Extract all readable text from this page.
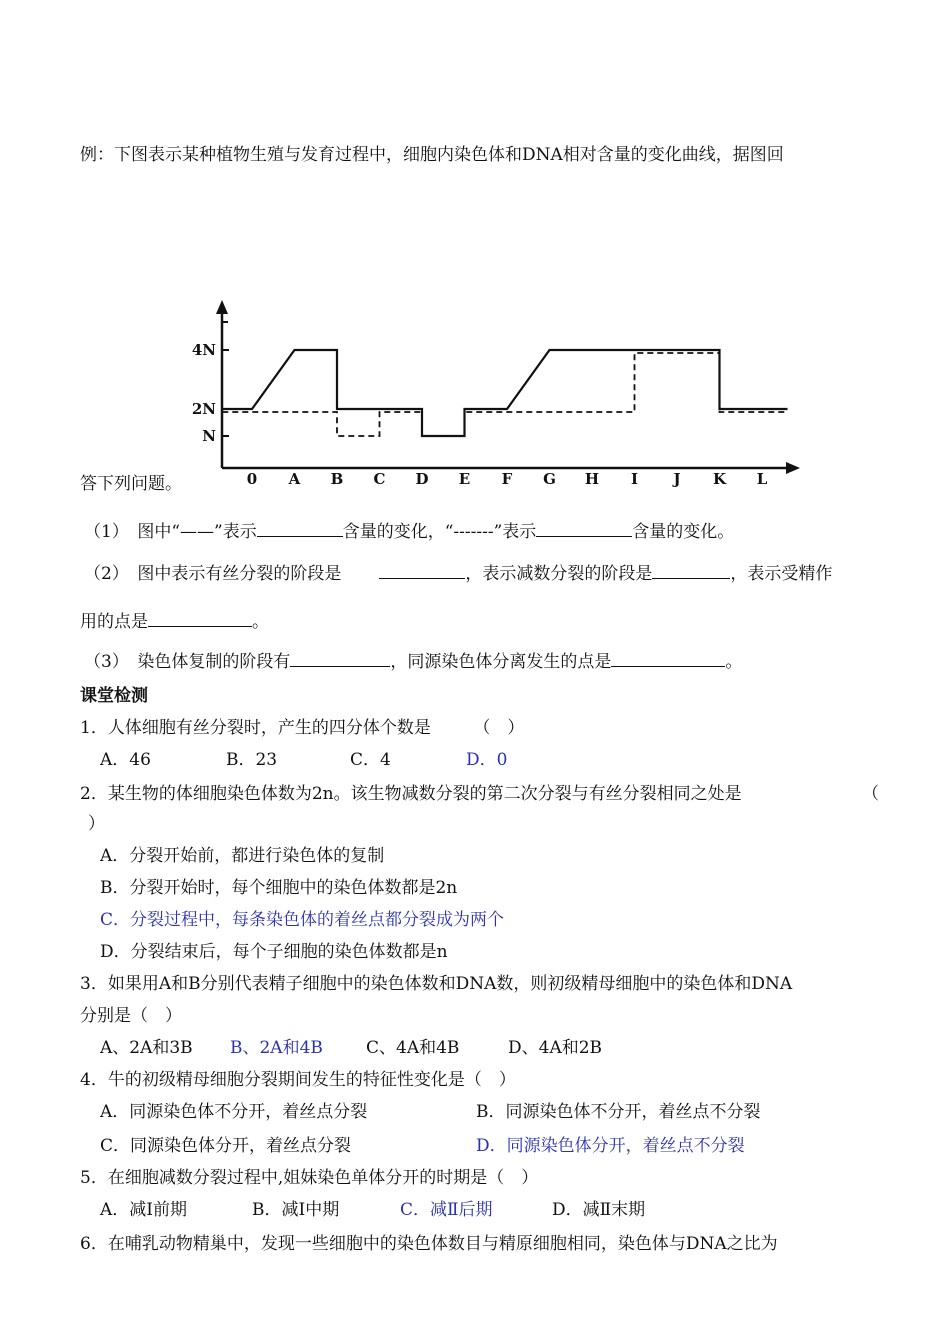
例：下图表示某种植物生殖与发育过程中，细胞内染色体和DNA相对含量的变化曲线，据图回
N
2N
4N
0 A B C D E F G H I J K L
答下列问题。
（1）　图中“——”表示	含量的变化，“-------”表示	含量的变化。
（2）　图中表示有丝分裂的阶段是	，表示减数分裂的阶段是	，表示受精作
用的点是	。
（3）　染色体复制的阶段有	，同源染色体分离发生的点是	。
课堂检测
1．人体细胞有丝分裂时，产生的四分体个数是　　　（　）
A．46	B．23	C．4	D．0
2．某生物的体细胞染色体数为2n。该生物减数分裂的第二次分裂与有丝分裂相同之处是	（
）
A．分裂开始前，都进行染色体的复制
B．分裂开始时，每个细胞中的染色体数都是2n
C．分裂过程中，每条染色体的着丝点都分裂成为两个
D．分裂结束后，每个子细胞的染色体数都是n
3．如果用A和B分别代表精子细胞中的染色体数和DNA数，则初级精母细胞中的染色体和DNA
分别是（　）
A、2A和3B B、2A和4B	C、4A和4B	D、4A和2B
4．牛的初级精母细胞分裂期间发生的特征性变化是（　）
A．同源染色体不分开，着丝点分裂	B．同源染色体不分开，着丝点不分裂
C．同源染色体分开，着丝点分裂	D．同源染色体分开，着丝点不分裂
5．在细胞减数分裂过程中,姐妹染色单体分开的时期是（　）
A．减Ⅰ前期	B．减Ⅰ中期	C．减Ⅱ后期	D．减Ⅱ末期
6．在哺乳动物精巢中，发现一些细胞中的染色体数目与精原细胞相同，染色体与DNA之比为
